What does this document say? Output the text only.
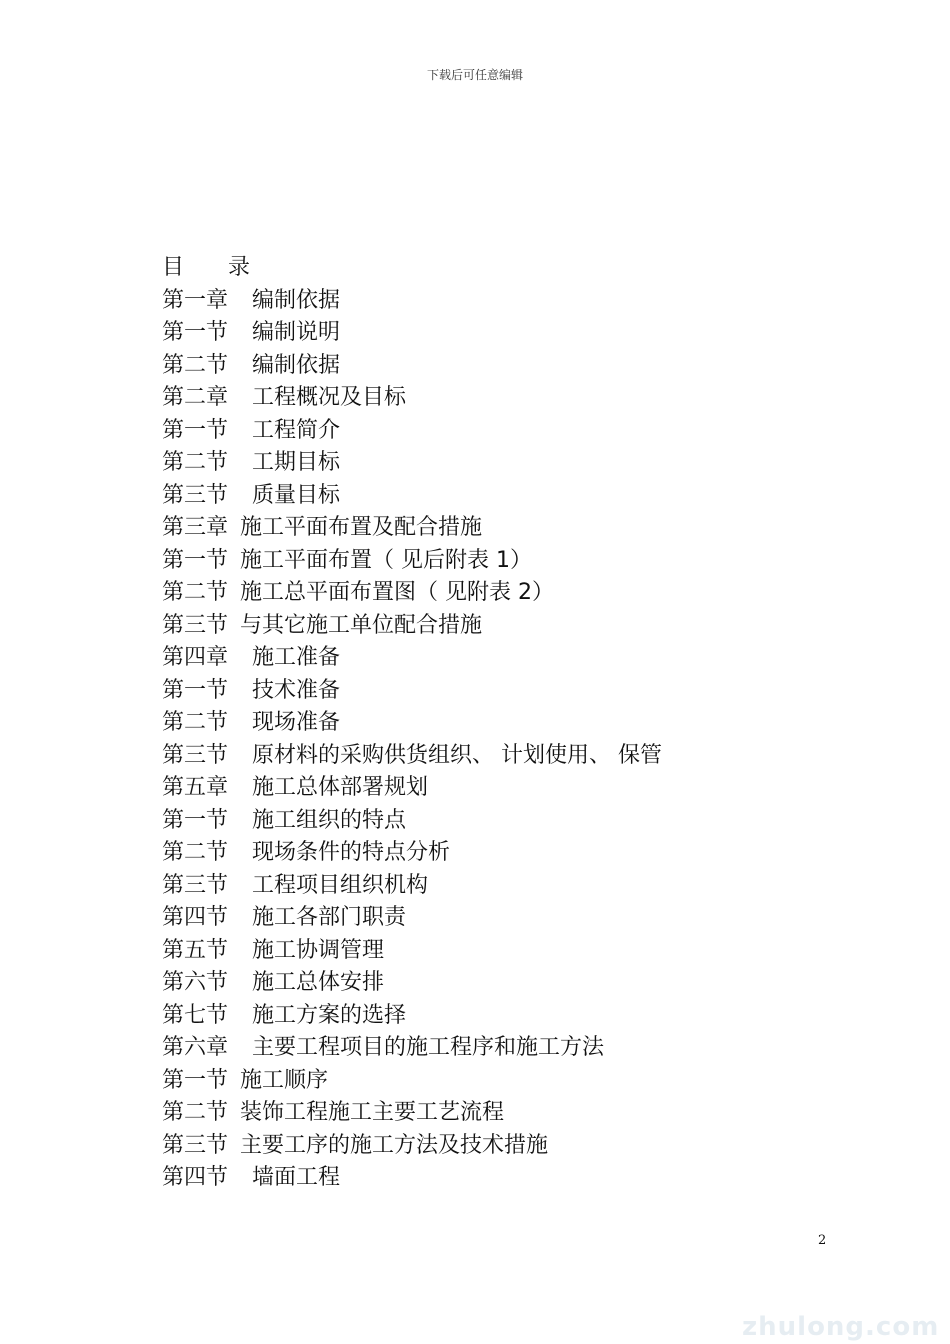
下载后可任意编辑
目 录
第一章 编制依据
第一节 编制说明
第二节 编制依据
第二章 工程概况及目标
第一节 工程简介
第二节 工期目标
第三节 质量目标
第三章 施工平面布置及配合措施
第一节 施工平面布置（ 见后附表 1）
第二节 施工总平面布置图（ 见附表 2）
第三节 与其它施工单位配合措施
第四章 施工准备
第一节 技术准备
第二节 现场准备
第三节 原材料的采购供货组织、 计划使用、 保管
第五章 施工总体部署规划
第一节 施工组织的特点
第二节 现场条件的特点分析
第三节 工程项目组织机构
第四节 施工各部门职责
第五节 施工协调管理
第六节 施工总体安排
第七节 施工方案的选择
第六章 主要工程项目的施工程序和施工方法
第一节 施工顺序
第二节 装饰工程施工主要工艺流程
第三节 主要工序的施工方法及技术措施
第四节 墙面工程
2
zhulong.com
